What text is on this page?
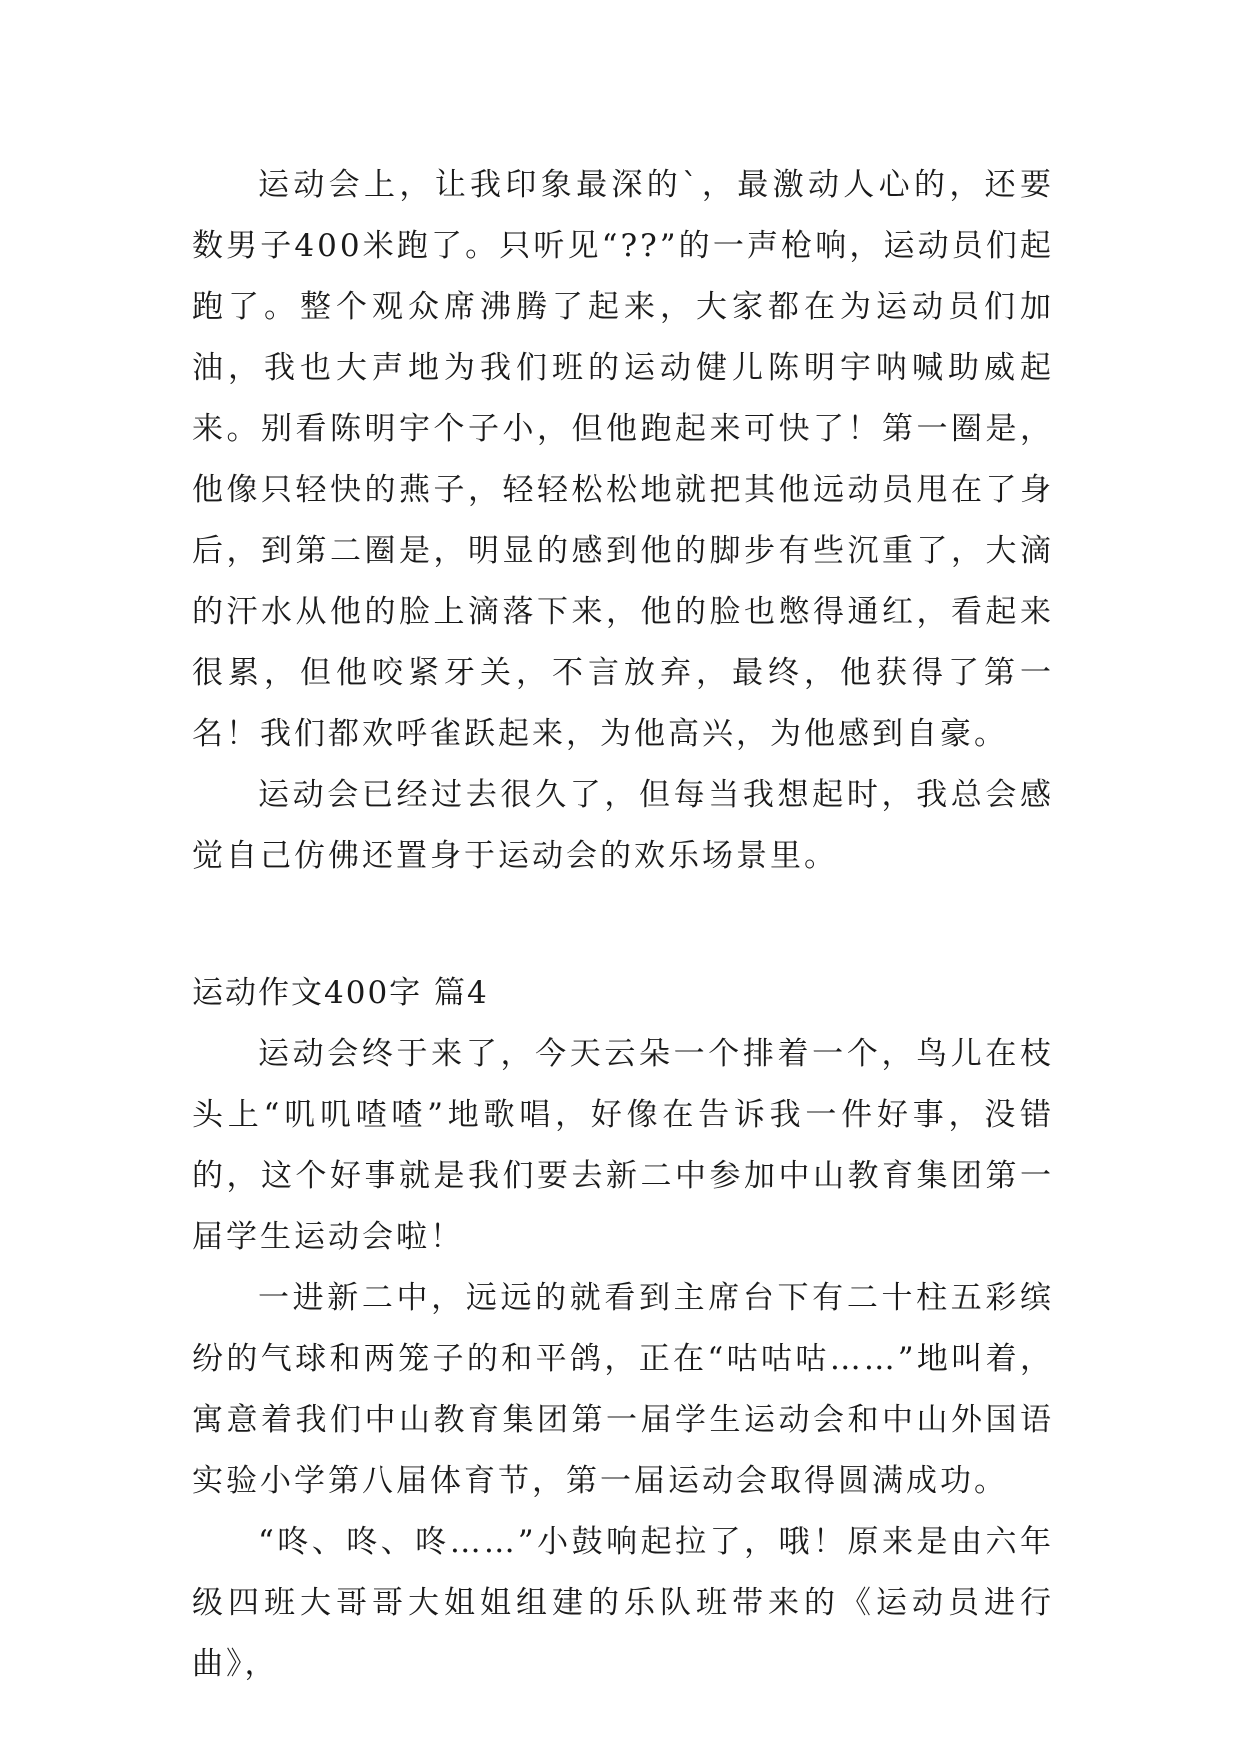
运动会上，让我印象最深的`，最激动人心的，还要数男子400米跑了。只听见“??”的一声枪响，运动员们起跑了。整个观众席沸腾了起来，大家都在为运动员们加油，我也大声地为我们班的运动健儿陈明宇呐喊助威起来。别看陈明宇个子小，但他跑起来可快了！第一圈是，他像只轻快的燕子，轻轻松松地就把其他远动员甩在了身后，到第二圈是，明显的感到他的脚步有些沉重了，大滴的汗水从他的脸上滴落下来，他的脸也憋得通红，看起来很累，但他咬紧牙关，不言放弃，最终，他获得了第一名！我们都欢呼雀跃起来，为他高兴，为他感到自豪。

运动会已经过去很久了，但每当我想起时，我总会感觉自己仿佛还置身于运动会的欢乐场景里。

运动作文400字 篇4

运动会终于来了，今天云朵一个排着一个，鸟儿在枝头上“叽叽喳喳”地歌唱，好像在告诉我一件好事，没错的，这个好事就是我们要去新二中参加中山教育集团第一届学生运动会啦！

一进新二中，远远的就看到主席台下有二十柱五彩缤纷的气球和两笼子的和平鸽，正在“咕咕咕……”地叫着，寓意着我们中山教育集团第一届学生运动会和中山外国语实验小学第八届体育节，第一届运动会取得圆满成功。

“咚、咚、咚……”小鼓响起拉了，哦！原来是由六年级四班大哥哥大姐姐组建的乐队班带来的《运动员进行曲》，
